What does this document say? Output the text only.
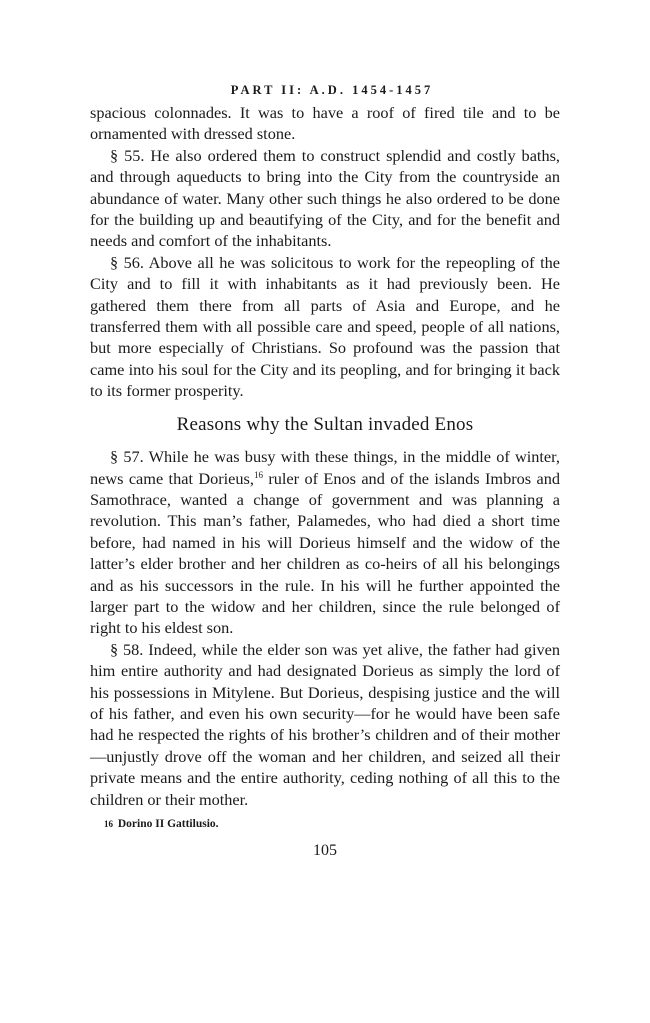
PART II: A.D. 1454-1457

spacious colonnades. It was to have a roof of fired tile and to be ornamented with dressed stone.

§ 55. He also ordered them to construct splendid and costly baths, and through aqueducts to bring into the City from the countryside an abundance of water. Many other such things he also ordered to be done for the building up and beautifying of the City, and for the benefit and needs and comfort of the inhabitants.

§ 56. Above all he was solicitous to work for the repeopling of the City and to fill it with inhabitants as it had previously been. He gathered them there from all parts of Asia and Europe, and he transferred them with all possible care and speed, people of all nations, but more especially of Christians. So profound was the passion that came into his soul for the City and its peopling, and for bringing it back to its former prosperity.

Reasons why the Sultan invaded Enos

§ 57. While he was busy with these things, in the middle of winter, news came that Dorieus,$^{16}$ ruler of Enos and of the islands Imbros and Samothrace, wanted a change of government and was planning a revolution. This man’s father, Palamedes, who had died a short time before, had named in his will Dorieus himself and the widow of the latter’s elder brother and her children as co-heirs of all his belongings and as his successors in the rule. In his will he further appointed the larger part to the widow and her children, since the rule belonged of right to his eldest son.

§ 58. Indeed, while the elder son was yet alive, the father had given him entire authority and had designated Dorieus as simply the lord of his possessions in Mitylene. But Dorieus, despising justice and the will of his father, and even his own security—for he would have been safe had he respected the rights of his brother’s children and of their mother—unjustly drove off the woman and her children, and seized all their private means and the entire authority, ceding nothing of all this to the children or their mother.

16 Dorino II Gattilusio.
105
